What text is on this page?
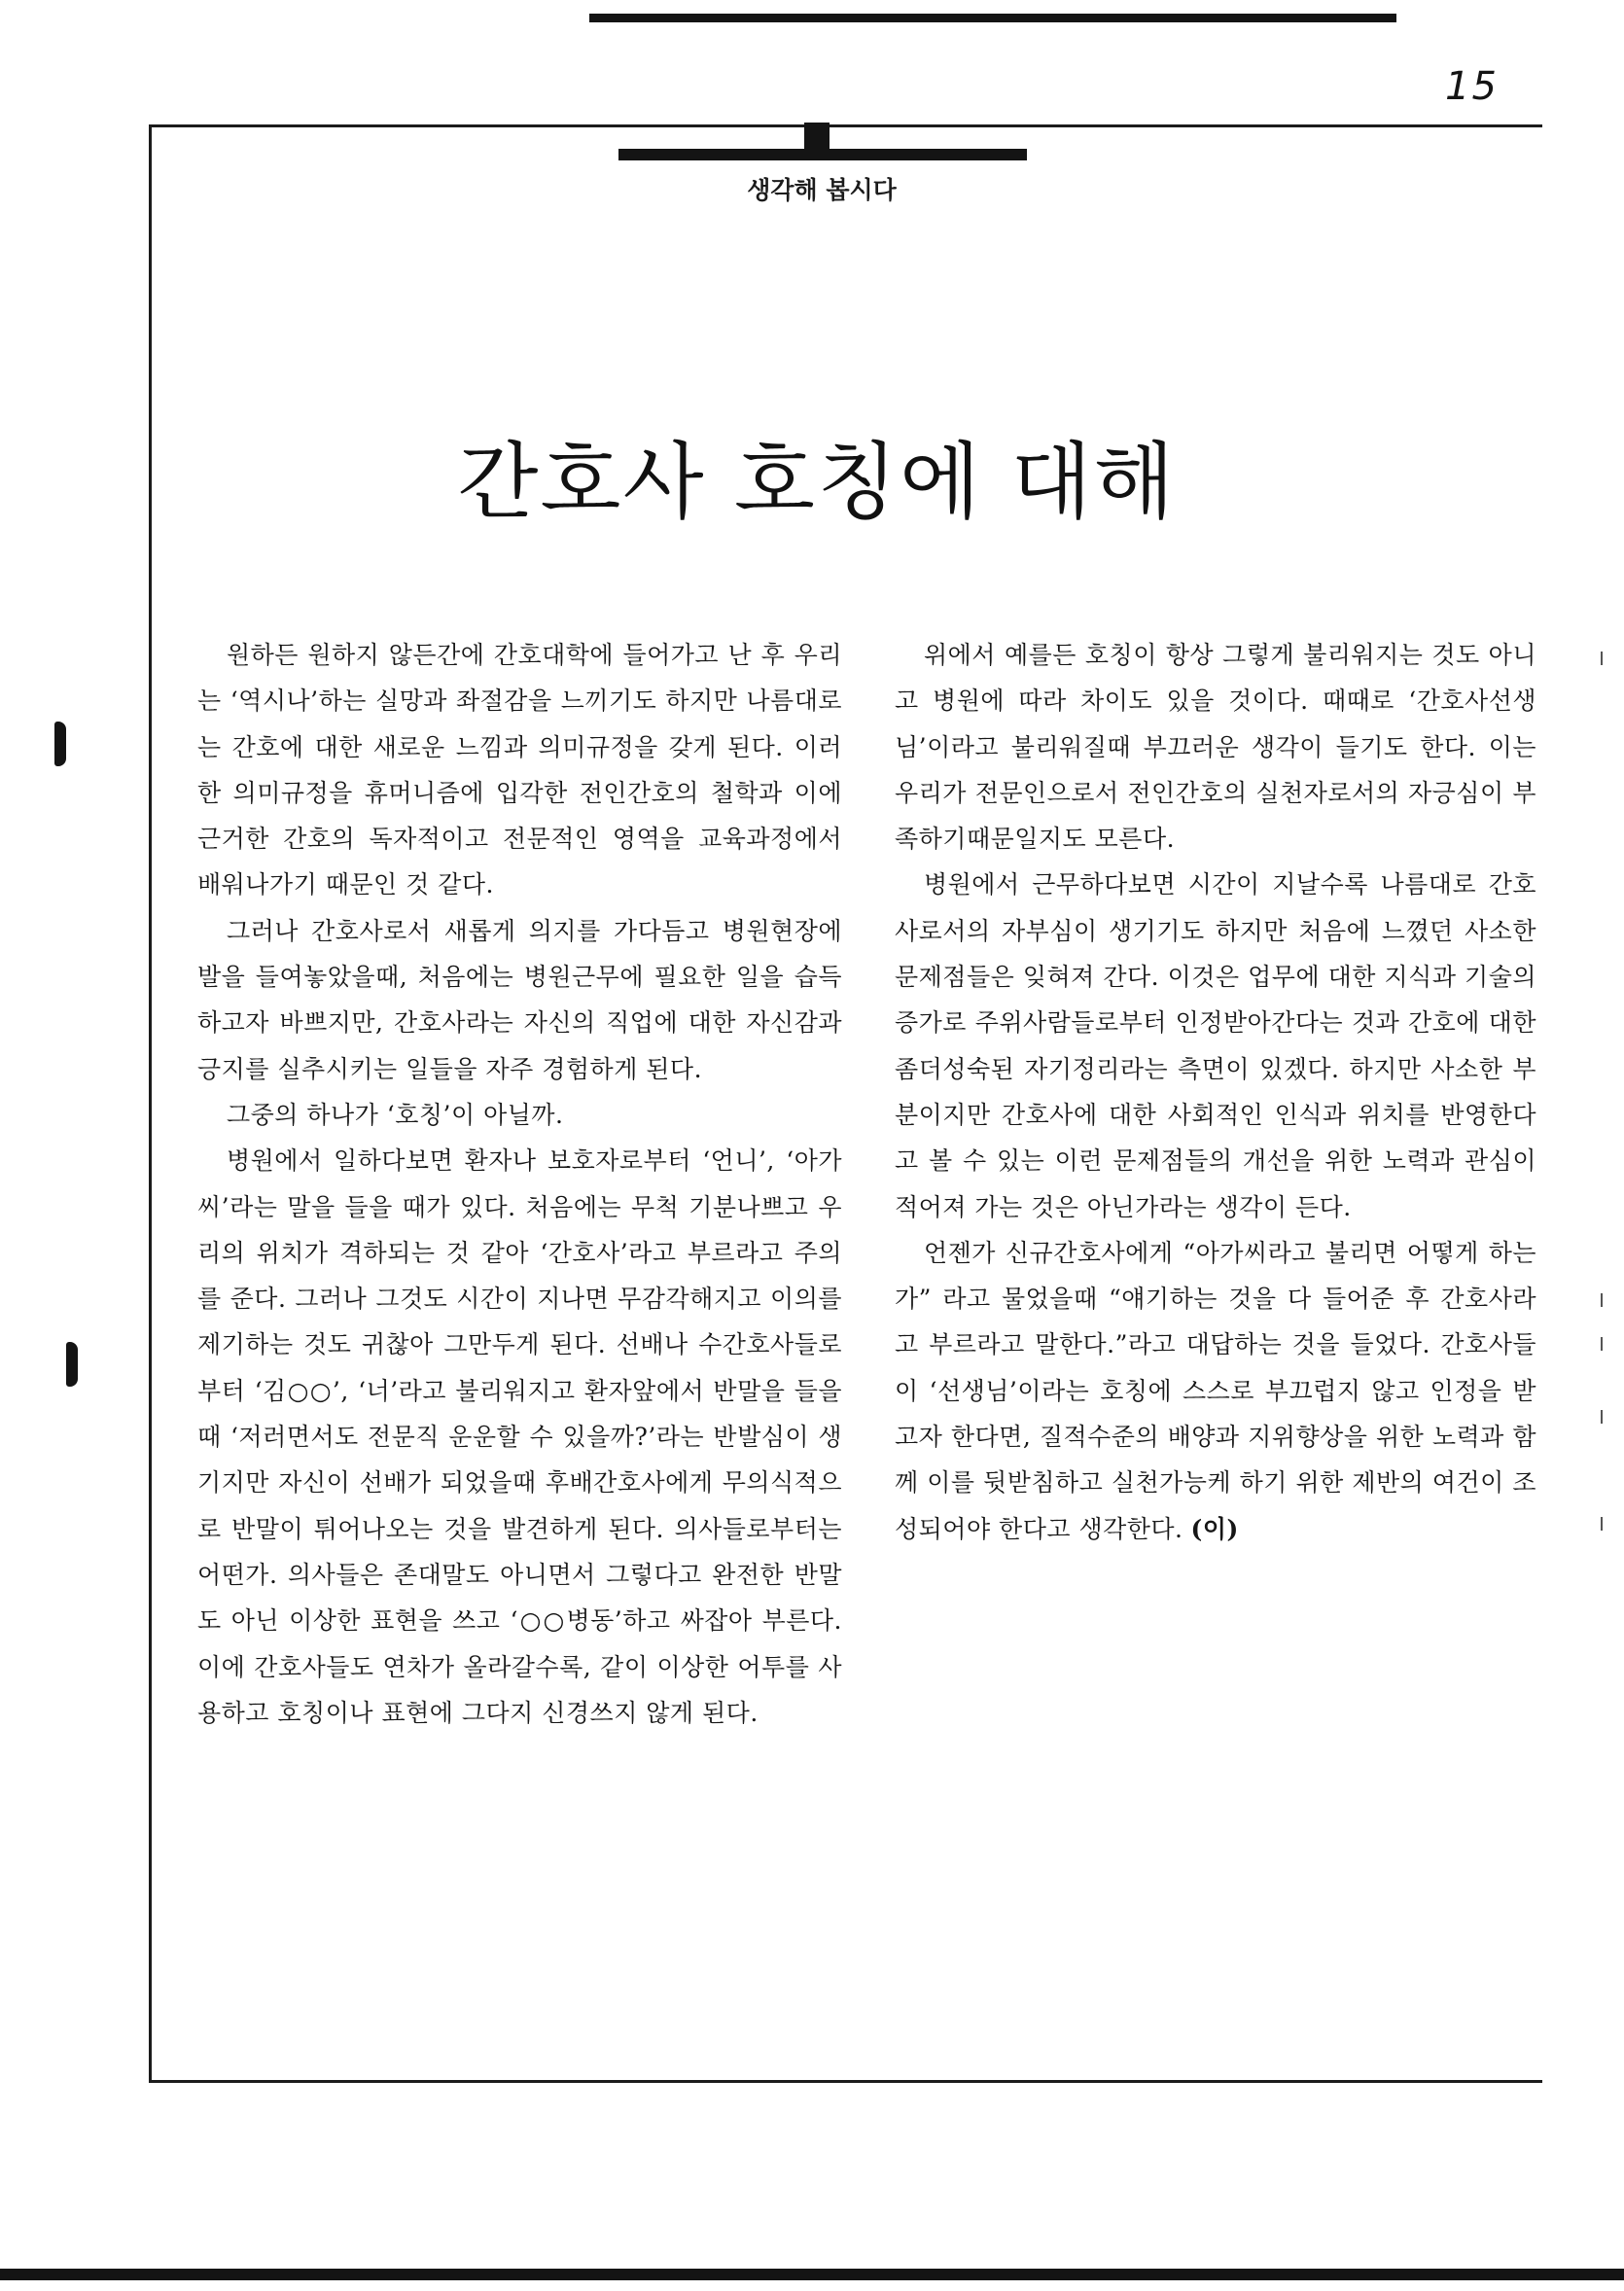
15
생각해 봅시다
간호사 호칭에 대해

원하든 원하지 않든간에 간호대학에 들어가고 난 후 우리는 ‘역시나’하는 실망과 좌절감을 느끼기도 하지만 나름대로는 간호에 대한 새로운 느낌과 의미규정을 갖게 된다. 이러한 의미규정을 휴머니즘에 입각한 전인간호의 철학과 이에 근거한 간호의 독자적이고 전문적인 영역을 교육과정에서 배워나가기 때문인 것 같다.

그러나 간호사로서 새롭게 의지를 가다듬고 병원현장에 발을 들여놓았을때, 처음에는 병원근무에 필요한 일을 습득하고자 바쁘지만, 간호사라는 자신의 직업에 대한 자신감과 긍지를 실추시키는 일들을 자주 경험하게 된다.

그중의 하나가 ‘호칭’이 아닐까.

병원에서 일하다보면 환자나 보호자로부터 ‘언니’, ‘아가씨’라는 말을 들을 때가 있다. 처음에는 무척 기분나쁘고 우리의 위치가 격하되는 것 같아 ‘간호사’라고 부르라고 주의를 준다. 그러나 그것도 시간이 지나면 무감각해지고 이의를 제기하는 것도 귀찮아 그만두게 된다. 선배나 수간호사들로부터 ‘김○○’, ‘너’라고 불리워지고 환자앞에서 반말을 들을때 ‘저러면서도 전문직 운운할 수 있을까?’라는 반발심이 생기지만 자신이 선배가 되었을때 후배간호사에게 무의식적으로 반말이 튀어나오는 것을 발견하게 된다. 의사들로부터는 어떤가. 의사들은 존대말도 아니면서 그렇다고 완전한 반말도 아닌 이상한 표현을 쓰고 ‘○○병동’하고 싸잡아 부른다. 이에 간호사들도 연차가 올라갈수록, 같이 이상한 어투를 사용하고 호칭이나 표현에 그다지 신경쓰지 않게 된다.

위에서 예를든 호칭이 항상 그렇게 불리워지는 것도 아니고 병원에 따라 차이도 있을 것이다. 때때로 ‘간호사선생님’이라고 불리워질때 부끄러운 생각이 들기도 한다. 이는 우리가 전문인으로서 전인간호의 실천자로서의 자긍심이 부족하기때문일지도 모른다.

병원에서 근무하다보면 시간이 지날수록 나름대로 간호사로서의 자부심이 생기기도 하지만 처음에 느꼈던 사소한 문제점들은 잊혀져 간다. 이것은 업무에 대한 지식과 기술의 증가로 주위사람들로부터 인정받아간다는 것과 간호에 대한 좀더성숙된 자기정리라는 측면이 있겠다. 하지만 사소한 부분이지만 간호사에 대한 사회적인 인식과 위치를 반영한다고 볼 수 있는 이런 문제점들의 개선을 위한 노력과 관심이 적어져 가는 것은 아닌가라는 생각이 든다.

언젠가 신규간호사에게 “아가씨라고 불리면 어떻게 하는가” 라고 물었을때 “얘기하는 것을 다 들어준 후 간호사라고 부르라고 말한다.”라고 대답하는 것을 들었다. 간호사들이 ‘선생님’이라는 호칭에 스스로 부끄럽지 않고 인정을 받고자 한다면, 질적수준의 배양과 지위향상을 위한 노력과 함께 이를 뒷받침하고 실천가능케 하기 위한 제반의 여건이 조성되어야 한다고 생각한다. (이)
